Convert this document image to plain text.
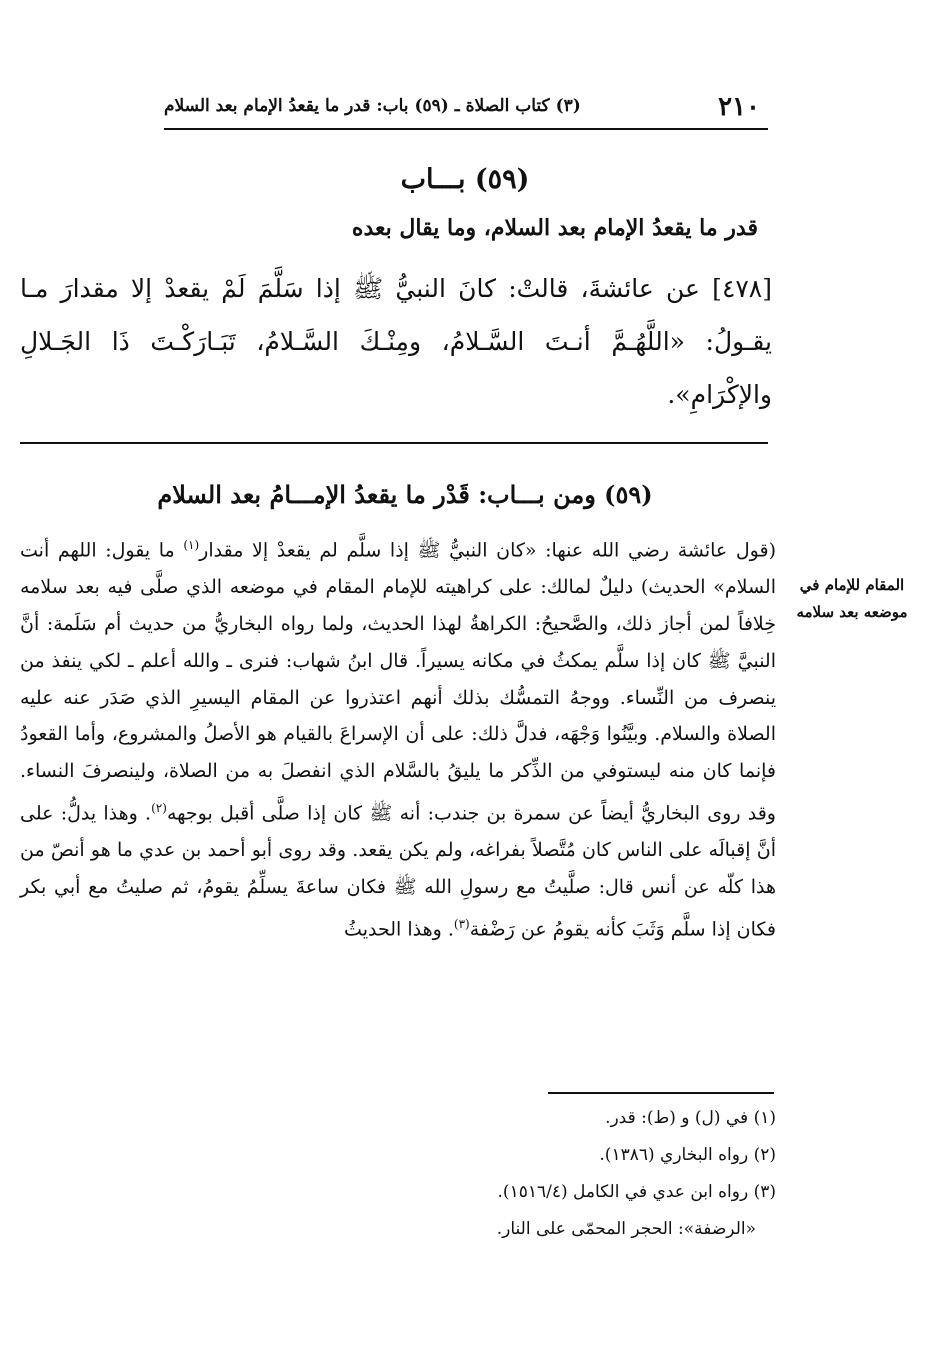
٢١٠
(٣) كتاب الصلاة ـ (٥٩) باب: قدر ما يقعدُ الإمام بعد السلام
(٥٩) بـــاب
قدر ما يقعدُ الإمام بعد السلام، وما يقال بعده
[٤٧٨] عن عائشةَ، قالتْ: كانَ النبيُّ ﷺ إذا سَلَّمَ لَمْ يقعدْ إلا مقدارَ مـا يقـولُ: «اللَّهُـمَّ أنـتَ السَّـلامُ، ومِنْـكَ السَّـلامُ، تَبَـارَكْـتَ ذَا الجَـلالِ والإكْرَامِ».
(٥٩) ومن بـــاب: قَدْر ما يقعدُ الإمـــامُ بعد السلام

(قول عائشة رضي الله عنها: «كان النبيُّ ﷺ إذا سلَّم لم يقعدْ إلا مقدار$^{(١)}$ ما يقول: اللهم أنت السلام» الحديث) دليلٌ لمالك: على كراهيته للإمام المقام في موضعه الذي صلَّى فيه بعد سلامه خِلافاً لمن أجاز ذلك، والصَّحيحُ: الكراهةُ لهذا الحديث، ولما رواه البخاريُّ من حديث أم سَلَمة: أنَّ النبيَّ ﷺ كان إذا سلَّم يمكثُ في مكانه يسيراً. قال ابنُ شهاب: فنرى ـ والله أعلم ـ لكي ينفذ من ينصرف من النِّساء. ووجهُ التمسُّك بذلك أنهم اعتذروا عن المقام اليسيرِ الذي صَدَر عنه عليه الصلاة والسلام. وبيَّنُوا وَجْهَه، فدلَّ ذلك: على أن الإسراعَ بالقيام هو الأصلُ والمشروع، وأما القعودُ فإنما كان منه ليستوفي من الذِّكر ما يليقُ بالسَّلام الذي انفصلَ به من الصلاة، ولينصرفَ النساء. وقد روى البخاريُّ أيضاً عن سمرة بن جندب: أنه ﷺ كان إذا صلَّى أقبل بوجهه$^{(٢)}$. وهذا يدلُّ: على أنَّ إقبالَه على الناس كان مُتَّصلاً بفراغه، ولم يكن يقعد. وقد روى أبو أحمد بن عدي ما هو أنصّ من هذا كلّه عن أنس قال: صلَّيتُ مع رسولِ الله ﷺ فكان ساعةَ يسلِّمُ يقومُ، ثم صليتُ مع أبي بكر فكان إذا سلَّم وَثَبَ كأنه يقومُ عن رَضْفة$^{(٣)}$. وهذا الحديثُ

المقام للإمام في موضعه بعد سلامه
(١) في (ل) و (ط): قدر.
(٢) رواه البخاري (١٣٨٦).
(٣) رواه ابن عدي في الكامل (١٥١٦/٤).
«الرضفة»: الحجر المحمّى على النار.
